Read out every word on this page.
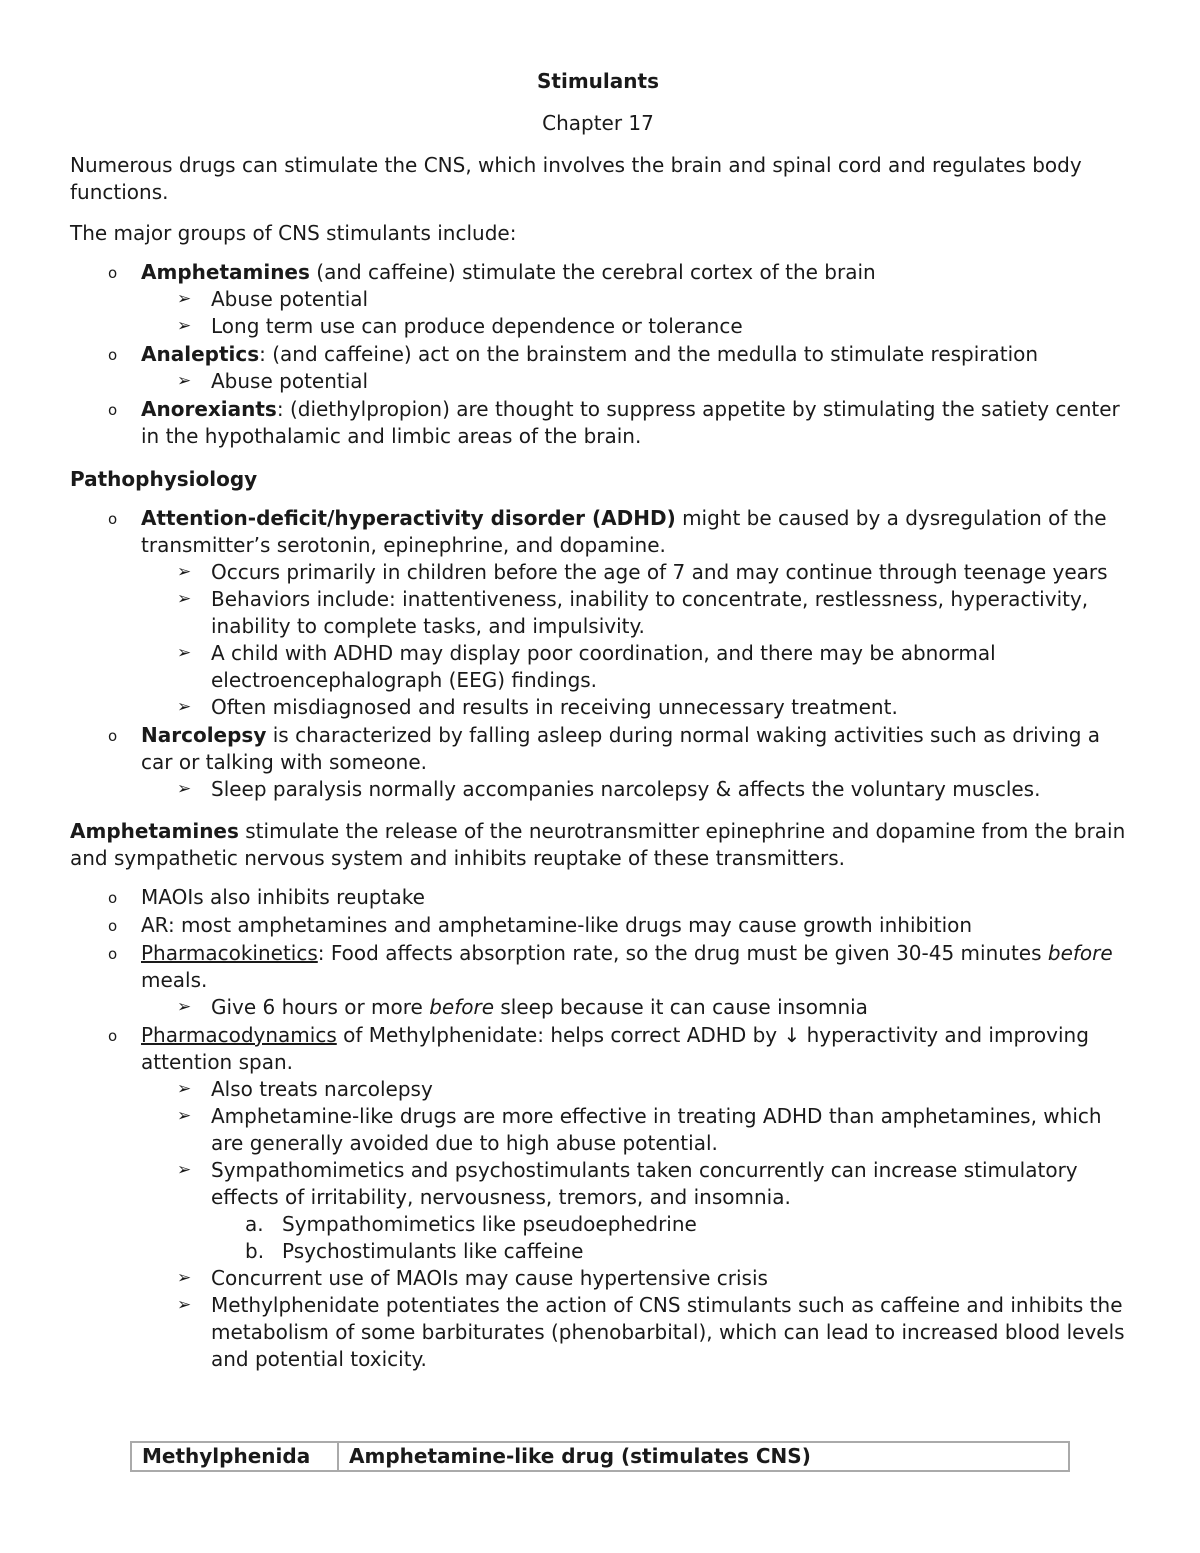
Stimulants

Chapter 17

Numerous drugs can stimulate the CNS, which involves the brain and spinal cord and regulates body functions.

The major groups of CNS stimulants include:

o Amphetamines (and caffeine) stimulate the cerebral cortex of the brain
➢ Abuse potential
➢ Long term use can produce dependence or tolerance
o Analeptics: (and caffeine) act on the brainstem and the medulla to stimulate respiration
➢ Abuse potential
o Anorexiants: (diethylpropion) are thought to suppress appetite by stimulating the satiety center in the hypothalamic and limbic areas of the brain.

Pathophysiology

o Attention-deficit/hyperactivity disorder (ADHD) might be caused by a dysregulation of the transmitter’s serotonin, epinephrine, and dopamine.
➢ Occurs primarily in children before the age of 7 and may continue through teenage years
➢ Behaviors include: inattentiveness, inability to concentrate, restlessness, hyperactivity, inability to complete tasks, and impulsivity.
➢ A child with ADHD may display poor coordination, and there may be abnormal electroencephalograph (EEG) findings.
➢ Often misdiagnosed and results in receiving unnecessary treatment.
o Narcolepsy is characterized by falling asleep during normal waking activities such as driving a car or talking with someone.
➢ Sleep paralysis normally accompanies narcolepsy & affects the voluntary muscles.

Amphetamines stimulate the release of the neurotransmitter epinephrine and dopamine from the brain and sympathetic nervous system and inhibits reuptake of these transmitters.

o MAOIs also inhibits reuptake
o AR: most amphetamines and amphetamine-like drugs may cause growth inhibition
o Pharmacokinetics: Food affects absorption rate, so the drug must be given 30-45 minutes before meals.
➢ Give 6 hours or more before sleep because it can cause insomnia
o Pharmacodynamics of Methylphenidate: helps correct ADHD by ↓ hyperactivity and improving attention span.
➢ Also treats narcolepsy
➢ Amphetamine-like drugs are more effective in treating ADHD than amphetamines, which are generally avoided due to high abuse potential.
➢ Sympathomimetics and psychostimulants taken concurrently can increase stimulatory effects of irritability, nervousness, tremors, and insomnia.
a. Sympathomimetics like pseudoephedrine
b. Psychostimulants like caffeine
➢ Concurrent use of MAOIs may cause hypertensive crisis
➢ Methylphenidate potentiates the action of CNS stimulants such as caffeine and inhibits the metabolism of some barbiturates (phenobarbital), which can lead to increased blood levels and potential toxicity.
Methylphenida	Amphetamine-like drug (stimulates CNS)
